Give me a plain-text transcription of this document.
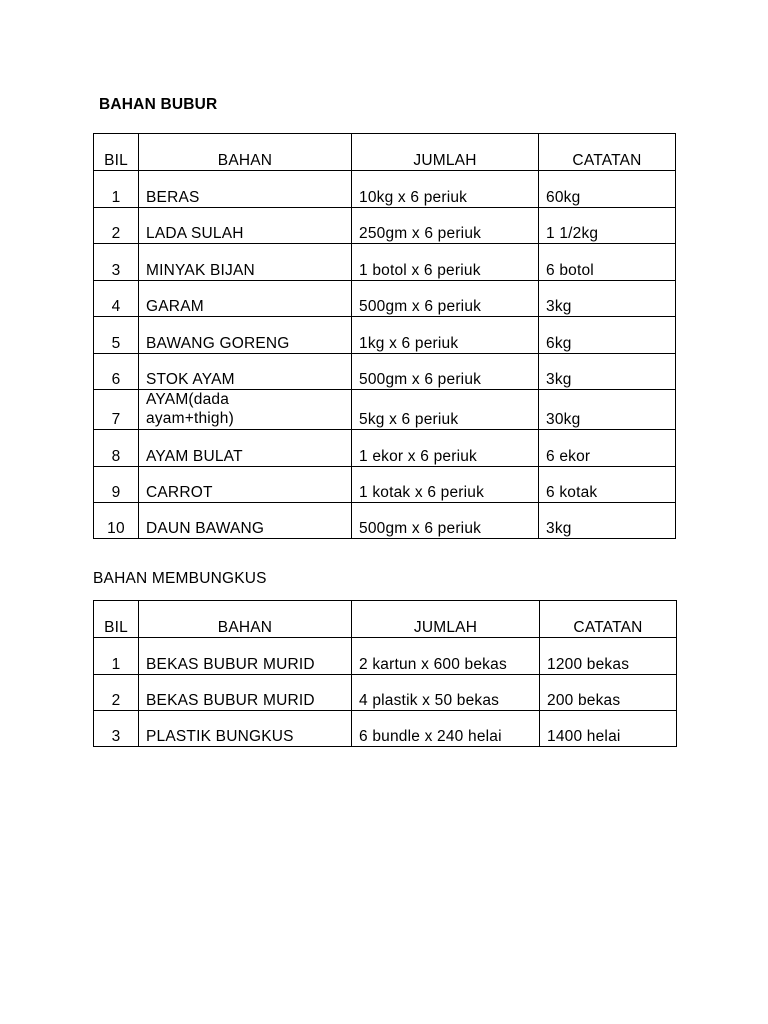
BAHAN BUBUR
BIL	BAHAN	JUMLAH	CATATAN
1	BERAS	10kg x 6 periuk	60kg
2	LADA SULAH	250gm x 6 periuk	1 1/2kg
3	MINYAK BIJAN	1 botol x 6 periuk	6 botol
4	GARAM	500gm x 6 periuk	3kg
5	BAWANG GORENG	1kg x 6 periuk	6kg
6	STOK AYAM	500gm x 6 periuk	3kg
7	AYAM(dada ayam+thigh)	5kg x 6 periuk	30kg
8	AYAM BULAT	1 ekor x 6 periuk	6 ekor
9	CARROT	1 kotak x 6 periuk	6 kotak
10	DAUN BAWANG	500gm x 6 periuk	3kg
BAHAN MEMBUNGKUS
BIL	BAHAN	JUMLAH	CATATAN
1	BEKAS BUBUR MURID	2 kartun x 600 bekas	1200 bekas
2	BEKAS BUBUR MURID	4 plastik x 50 bekas	200 bekas
3	PLASTIK BUNGKUS	6 bundle x 240 helai	1400 helai
